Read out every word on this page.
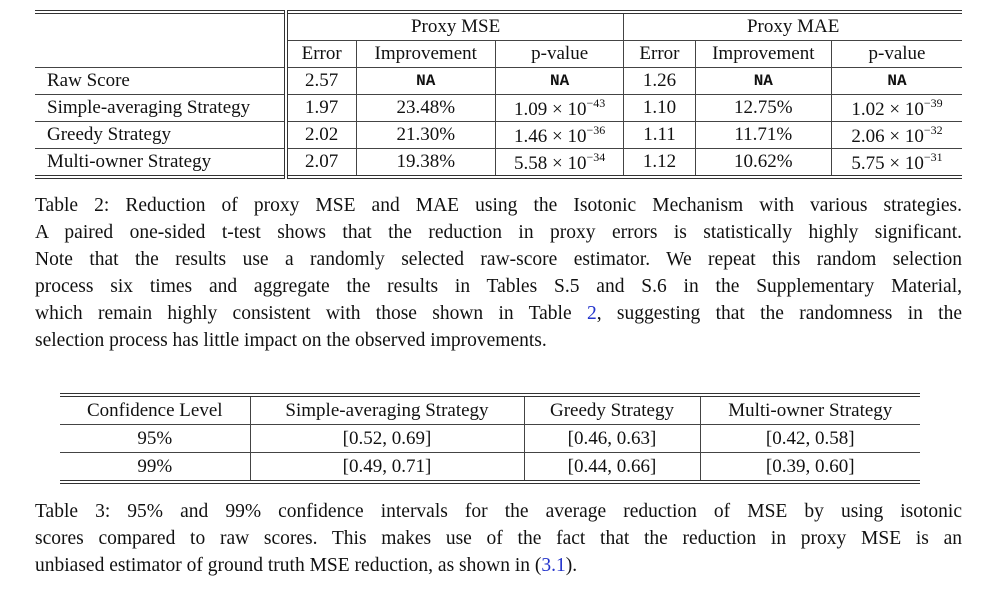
	Proxy MSE			Proxy MAE		
	Error	Improvement	p-value	Error	Improvement	p-value
Raw Score	2.57	NA	NA	1.26	NA	NA
Simple-averaging Strategy	1.97	23.48%	$1.09 \times 10^{-43}$	1.10	12.75%	$1.02 \times 10^{-39}$
Greedy Strategy	2.02	21.30%	$1.46 \times 10^{-36}$	1.11	11.71%	$2.06 \times 10^{-32}$
Multi-owner Strategy	2.07	19.38%	$5.58 \times 10^{-34}$	1.12	10.62%	$5.75 \times 10^{-31}$
Table 2: Reduction of proxy MSE and MAE using the Isotonic Mechanism with various strategies.
A paired one-sided t-test shows that the reduction in proxy errors is statistically highly significant.
Note that the results use a randomly selected raw-score estimator. We repeat this random selection
process six times and aggregate the results in Tables S.5 and S.6 in the Supplementary Material,
which remain highly consistent with those shown in Table 2, suggesting that the randomness in the
selection process has little impact on the observed improvements.
Confidence Level	Simple-averaging Strategy	Greedy Strategy	Multi-owner Strategy
95%	[0.52, 0.69]	[0.46, 0.63]	[0.42, 0.58]
99%	[0.49, 0.71]	[0.44, 0.66]	[0.39, 0.60]
Table 3: 95% and 99% confidence intervals for the average reduction of MSE by using isotonic
scores compared to raw scores. This makes use of the fact that the reduction in proxy MSE is an
unbiased estimator of ground truth MSE reduction, as shown in (3.1).
